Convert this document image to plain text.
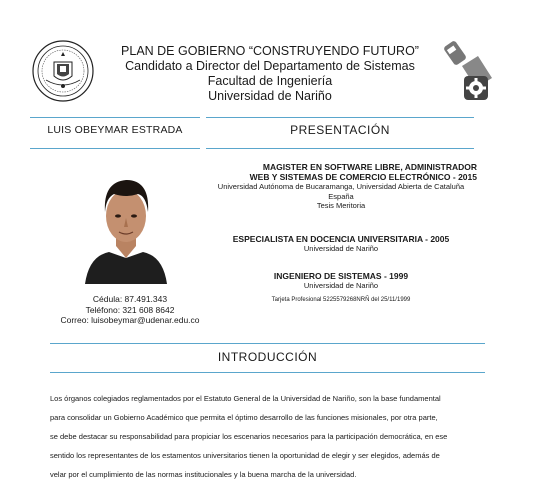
PLAN DE GOBIERNO “CONSTRUYENDO FUTURO”
Candidato a Director del Departamento de Sistemas
Facultad de Ingeniería
Universidad de Nariño
LUIS OBEYMAR ESTRADA	PRESENTACIÓN
Cédula: 87.491.343
Teléfono: 321 608 8642
Correo: luisobeymar@udenar.edu.co
MAGISTER EN SOFTWARE LIBRE, ADMINISTRADOR
WEB Y SISTEMAS DE COMERCIO ELECTRÓNICO - 2015
Universidad Autónoma de Bucaramanga, Universidad Abierta de Cataluña
España
Tesis Meritoria
ESPECIALISTA EN DOCENCIA UNIVERSITARIA - 2005
Universidad de Nariño
INGENIERO DE SISTEMAS - 1999
Universidad de Nariño
Tarjeta Profesional 5225579268NRÑ del 25/11/1999
INTRODUCCIÓN
Los órganos colegiados reglamentados por el Estatuto General de la Universidad de Nariño, son la base fundamental
para consolidar un Gobierno Académico que permita el óptimo desarrollo de las funciones misionales, por otra parte,
se debe destacar su responsabilidad para propiciar los escenarios necesarios para la participación democrática, en ese
sentido los representantes de los estamentos universitarios tienen la oportunidad de elegir y ser elegidos, además de
velar por el cumplimiento de las normas institucionales y la buena marcha de la universidad.
